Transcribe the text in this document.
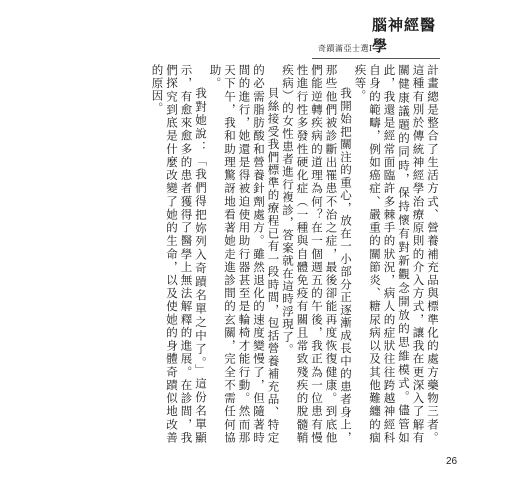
奇蹟滿亞士選Ⅰ
腦神經醫學

計畫總是整合了生活方式、營養補充品與標準化的處方藥物三者。這種有別於傳統神經學治療原則的介入方式，讓我在更深入了解有關健康議題的同時，保持懷有對新觀念開放的思維模式。儘管如此，我還是經常面臨許多棘手的狀況，病人的症狀往往跨越神經科自身的範疇，例如癌症、嚴重的關節炎、糖尿病以及其他難纏的痼疾等。

我開始把關注的重心，放在一小部分正逐漸成長中的患者身上，那些他們被診斷出罹患不治之症，最後卻能再度恢復健康。到底他們能逆轉疾病的道理為何？在一個週五的午後，我正為一位患有慢性進行性多發性硬化症（一種與自體免疫有關且常致殘疾的脫髓鞘疾病）的女性患者進行複診，答案就在這時浮現了。

貝絲接受我們標準的療程已有一段時間，包括營養補充品、特定的必需脂肪酸和營養針劑處方。雖然退化的速度變慢了，但隨著時間的進行，她還是得被迫使用助行器甚至是輪椅才能行動。然而那天下午，我和助理驚訝地看著她走進診間的玄關，完全不需任何協助。

我對她說：「我們得把妳列入奇蹟名單之中了。」這份名單顯示，有愈來愈多的患者獲得了醫學上無法解釋的進展。在診間，我們探究到底是什麼改變了她的生命，以及使她的身體奇蹟似地改善的原因。

26
